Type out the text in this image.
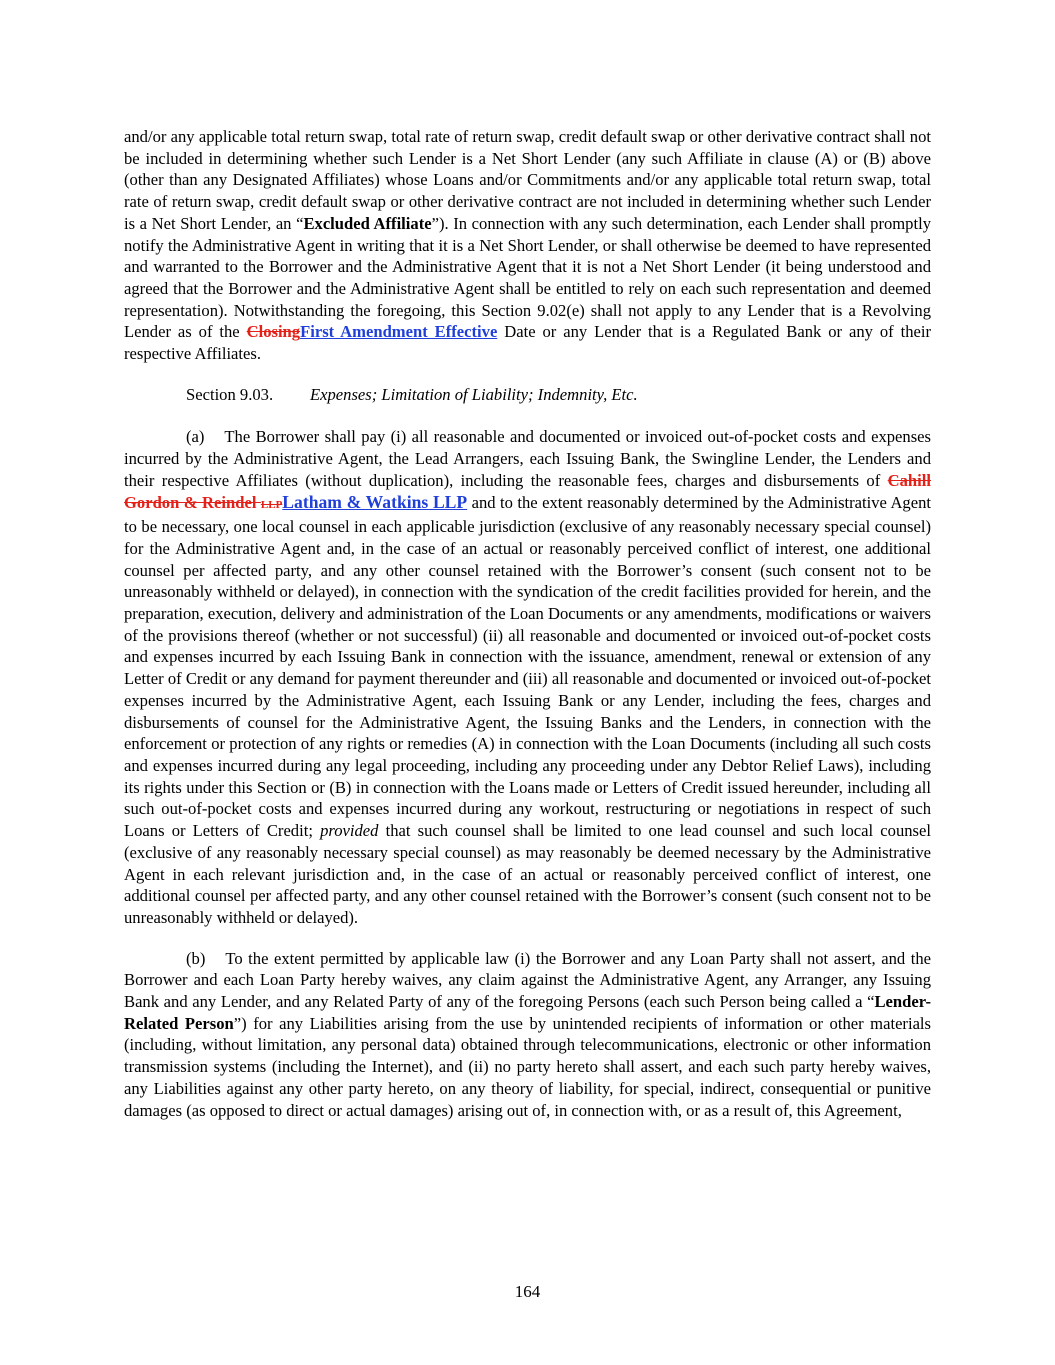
and/or any applicable total return swap, total rate of return swap, credit default swap or other derivative contract shall not be included in determining whether such Lender is a Net Short Lender (any such Affiliate in clause (A) or (B) above (other than any Designated Affiliates) whose Loans and/or Commitments and/or any applicable total return swap, total rate of return swap, credit default swap or other derivative contract are not included in determining whether such Lender is a Net Short Lender, an “Excluded Affiliate”). In connection with any such determination, each Lender shall promptly notify the Administrative Agent in writing that it is a Net Short Lender, or shall otherwise be deemed to have represented and warranted to the Borrower and the Administrative Agent that it is not a Net Short Lender (it being understood and agreed that the Borrower and the Administrative Agent shall be entitled to rely on each such representation and deemed representation). Notwithstanding the foregoing, this Section 9.02(e) shall not apply to any Lender that is a Revolving Lender as of the ClosingFirst Amendment Effective Date or any Lender that is a Regulated Bank or any of their respective Affiliates.

Section 9.03. Expenses; Limitation of Liability; Indemnity, Etc.

(a) The Borrower shall pay (i) all reasonable and documented or invoiced out-of-pocket costs and expenses incurred by the Administrative Agent, the Lead Arrangers, each Issuing Bank, the Swingline Lender, the Lenders and their respective Affiliates (without duplication), including the reasonable fees, charges and disbursements of Cahill Gordon & Reindel LLPLatham & Watkins LLP and to the extent reasonably determined by the Administrative Agent to be necessary, one local counsel in each applicable jurisdiction (exclusive of any reasonably necessary special counsel) for the Administrative Agent and, in the case of an actual or reasonably perceived conflict of interest, one additional counsel per affected party, and any other counsel retained with the Borrower’s consent (such consent not to be unreasonably withheld or delayed), in connection with the syndication of the credit facilities provided for herein, and the preparation, execution, delivery and administration of the Loan Documents or any amendments, modifications or waivers of the provisions thereof (whether or not successful) (ii) all reasonable and documented or invoiced out-of-pocket costs and expenses incurred by each Issuing Bank in connection with the issuance, amendment, renewal or extension of any Letter of Credit or any demand for payment thereunder and (iii) all reasonable and documented or invoiced out-of-pocket expenses incurred by the Administrative Agent, each Issuing Bank or any Lender, including the fees, charges and disbursements of counsel for the Administrative Agent, the Issuing Banks and the Lenders, in connection with the enforcement or protection of any rights or remedies (A) in connection with the Loan Documents (including all such costs and expenses incurred during any legal proceeding, including any proceeding under any Debtor Relief Laws), including its rights under this Section or (B) in connection with the Loans made or Letters of Credit issued hereunder, including all such out-of-pocket costs and expenses incurred during any workout, restructuring or negotiations in respect of such Loans or Letters of Credit; provided that such counsel shall be limited to one lead counsel and such local counsel (exclusive of any reasonably necessary special counsel) as may reasonably be deemed necessary by the Administrative Agent in each relevant jurisdiction and, in the case of an actual or reasonably perceived conflict of interest, one additional counsel per affected party, and any other counsel retained with the Borrower’s consent (such consent not to be unreasonably withheld or delayed).

(b) To the extent permitted by applicable law (i) the Borrower and any Loan Party shall not assert, and the Borrower and each Loan Party hereby waives, any claim against the Administrative Agent, any Arranger, any Issuing Bank and any Lender, and any Related Party of any of the foregoing Persons (each such Person being called a “Lender-Related Person”) for any Liabilities arising from the use by unintended recipients of information or other materials (including, without limitation, any personal data) obtained through telecommunications, electronic or other information transmission systems (including the Internet), and (ii) no party hereto shall assert, and each such party hereby waives, any Liabilities against any other party hereto, on any theory of liability, for special, indirect, consequential or punitive damages (as opposed to direct or actual damages) arising out of, in connection with, or as a result of, this Agreement,

164
